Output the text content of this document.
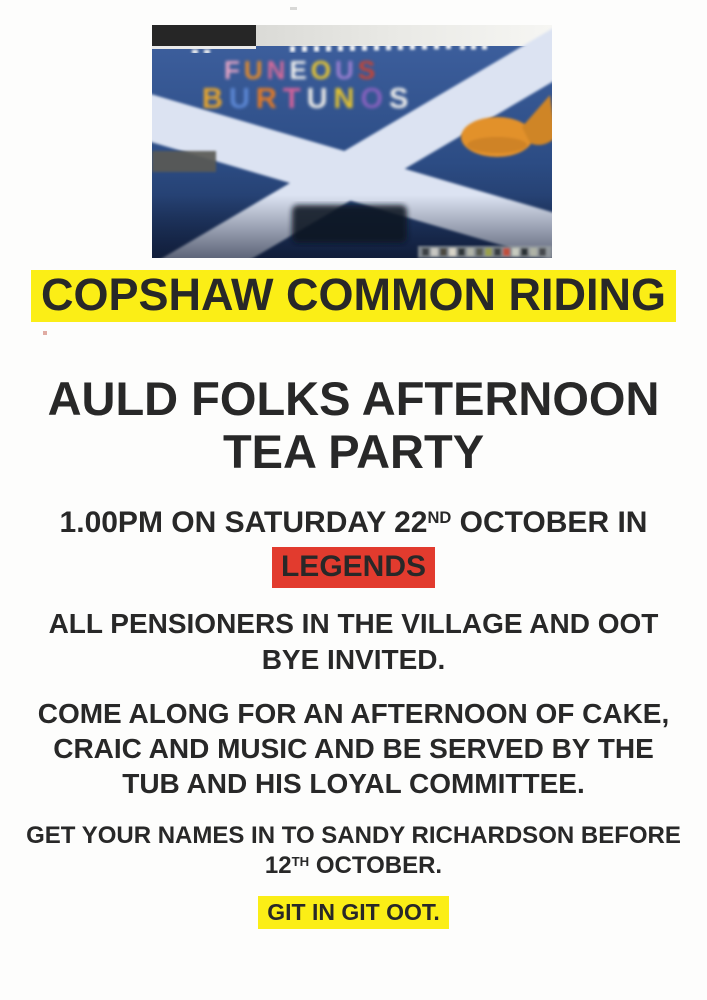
F U N E O U S
B U R T U N O S
COPSHAW COMMON RIDING
AULD FOLKS AFTERNOON
TEA PARTY
1.00PM ON SATURDAY 22ND OCTOBER IN
LEGENDS
ALL PENSIONERS IN THE VILLAGE AND OOT
BYE INVITED.
COME ALONG FOR AN AFTERNOON OF CAKE,
CRAIC AND MUSIC AND BE SERVED BY THE
TUB AND HIS LOYAL COMMITTEE.
GET YOUR NAMES IN TO SANDY RICHARDSON BEFORE
12TH OCTOBER.
GIT IN GIT OOT.
